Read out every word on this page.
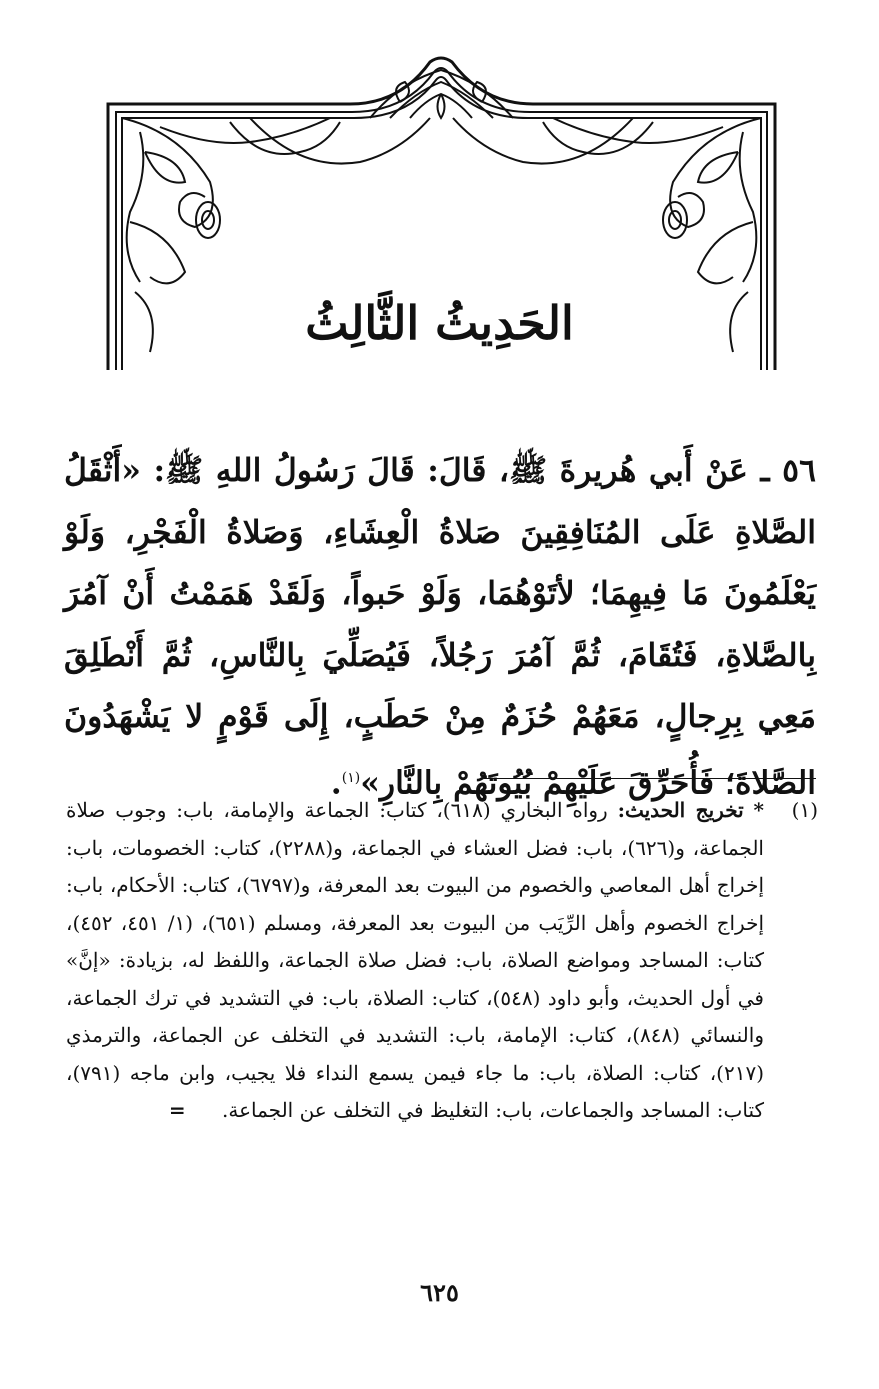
الحَدِيثُ الثَّالِثُ
٥٦ ـ عَنْ أَبي هُريرةَ ﷺ، قَالَ: قَالَ رَسُولُ اللهِ ﷺ: «أَثْقَلُ الصَّلاةِ عَلَى المُنَافِقِينَ صَلاةُ الْعِشَاءِ، وَصَلاةُ الْفَجْرِ، وَلَوْ يَعْلَمُونَ مَا فِيهِمَا؛ لأتَوْهُمَا، وَلَوْ حَبواً، وَلَقَدْ هَمَمْتُ أَنْ آمُرَ بِالصَّلاةِ، فَتُقَامَ، ثُمَّ آمُرَ رَجُلاً، فَيُصَلِّيَ بِالنَّاسِ، ثُمَّ أَنْطَلِقَ مَعِي بِرِجالٍ، مَعَهُمْ حُزَمٌ مِنْ حَطَبٍ، إِلَى قَوْمٍ لا يَشْهَدُونَ الصَّلاةَ؛ فَأُحَرِّقَ عَلَيْهِمْ بُيُوتَهُمْ بِالنَّارِ»$^{(١)}$.
(١)
* تخريج الحديث: رواه البخاري (٦١٨)، كتاب: الجماعة والإمامة، باب: وجوب صلاة الجماعة، و(٦٢٦)، باب: فضل العشاء في الجماعة، و(٢٢٨٨)، كتاب: الخصومات، باب: إخراج أهل المعاصي والخصوم من البيوت بعد المعرفة، و(٦٧٩٧)، كتاب: الأحكام، باب: إخراج الخصوم وأهل الرِّيَب من البيوت بعد المعرفة، ومسلم (٦٥١)، (١/ ٤٥١، ٤٥٢)، كتاب: المساجد ومواضع الصلاة، باب: فضل صلاة الجماعة، واللفظ له، بزيادة: «إنَّ» في أول الحديث، وأبو داود (٥٤٨)، كتاب: الصلاة، باب: في التشديد في ترك الجماعة، والنسائي (٨٤٨)، كتاب: الإمامة، باب: التشديد في التخلف عن الجماعة، والترمذي (٢١٧)، كتاب: الصلاة، باب: ما جاء فيمن يسمع النداء فلا يجيب، وابن ماجه (٧٩١)، كتاب: المساجد والجماعات، باب: التغليظ في التخلف عن الجماعة. =
٦٢٥
